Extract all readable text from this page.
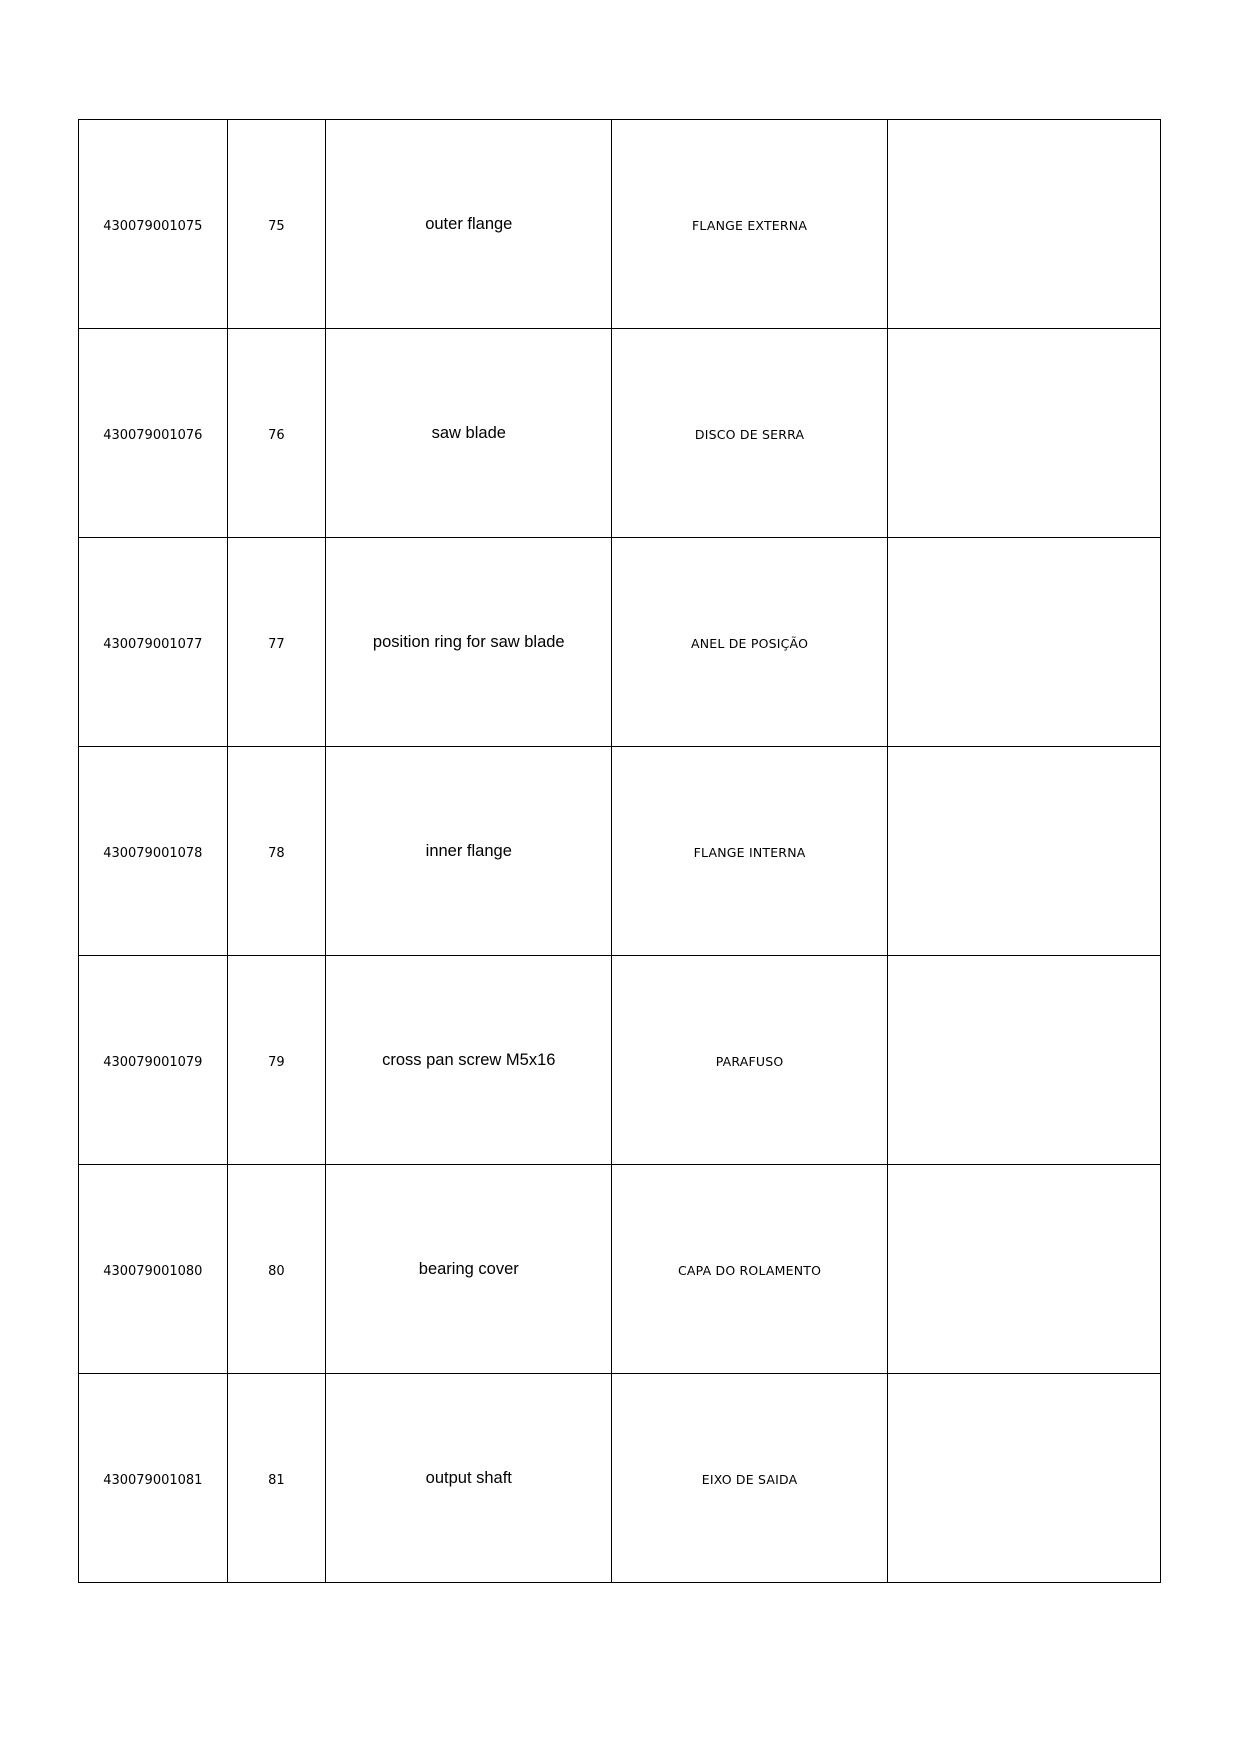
430079001075	75	outer flange	FLANGE EXTERNA	
430079001076	76	saw blade	DISCO DE SERRA	
430079001077	77	position ring for saw blade	ANEL DE POSIÇÃO	
430079001078	78	inner flange	FLANGE INTERNA	
430079001079	79	cross pan screw M5x16	PARAFUSO	
430079001080	80	bearing cover	CAPA DO ROLAMENTO	
430079001081	81	output shaft	EIXO DE SAIDA	
